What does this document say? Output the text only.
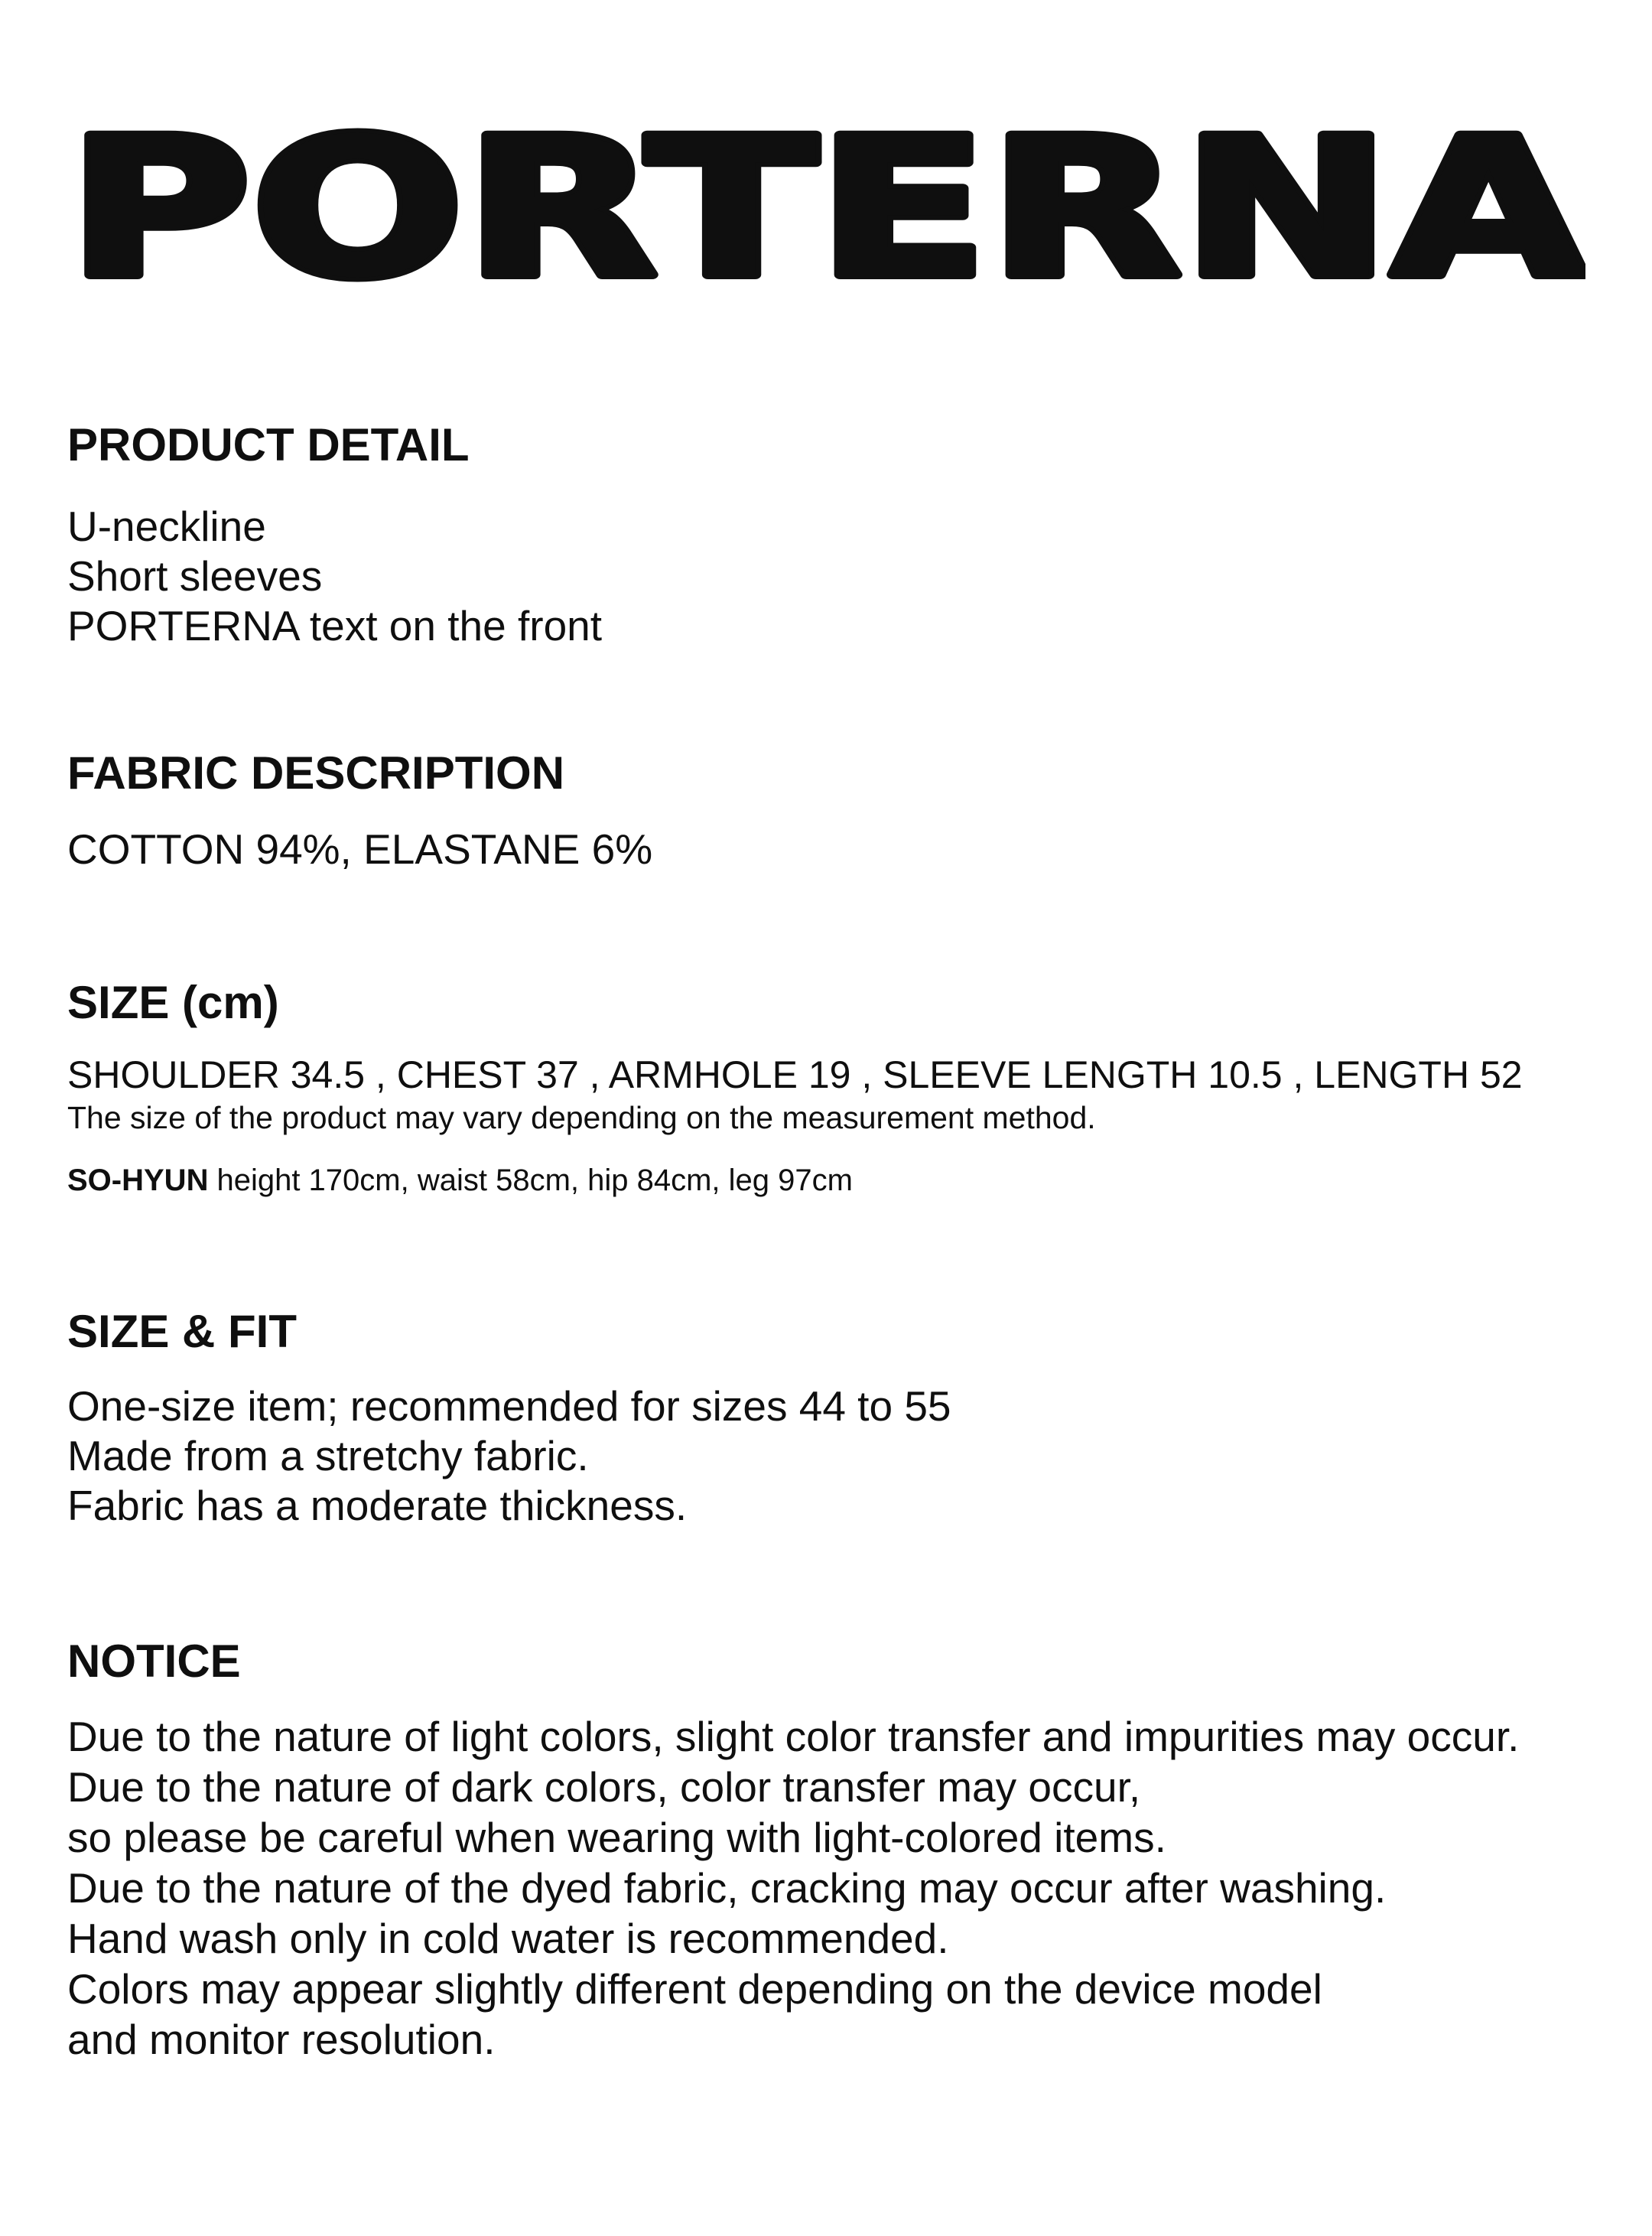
PORTERNA
PRODUCT DETAIL
U-neckline
Short sleeves
PORTERNA text on the front
FABRIC DESCRIPTION
COTTON 94%, ELASTANE 6%
SIZE (cm)
SHOULDER 34.5 , CHEST 37 , ARMHOLE 19 , SLEEVE LENGTH 10.5 , LENGTH 52
The size of the product may vary depending on the measurement method.
SO-HYUN height 170cm, waist 58cm, hip 84cm, leg 97cm
SIZE & FIT
One-size item; recommended for sizes 44 to 55
Made from a stretchy fabric.
Fabric has a moderate thickness.
NOTICE
Due to the nature of light colors, slight color transfer and impurities may occur.
Due to the nature of dark colors, color transfer may occur,
so please be careful when wearing with light-colored items.
Due to the nature of the dyed fabric, cracking may occur after washing.
Hand wash only in cold water is recommended.
Colors may appear slightly different depending on the device model
and monitor resolution.
